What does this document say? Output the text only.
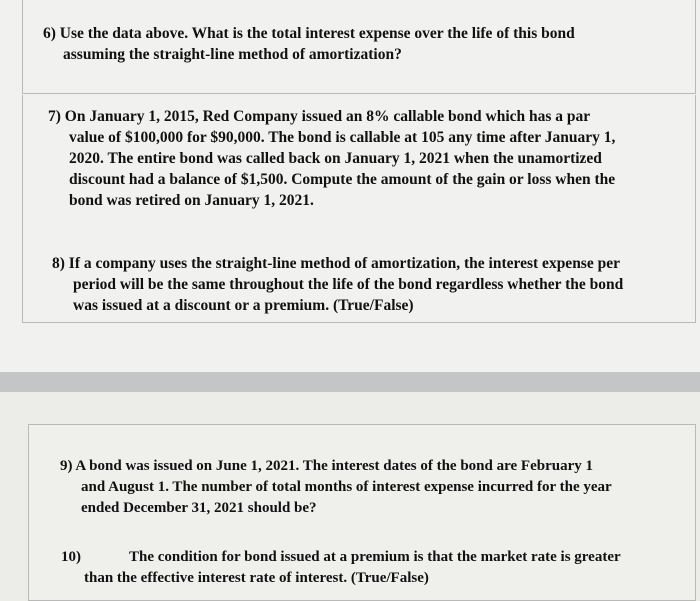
6) Use the data above. What is the total interest expense over the life of this bond
assuming the straight-line method of amortization?
7) On January 1, 2015, Red Company issued an 8% callable bond which has a par
value of $100,000 for $90,000. The bond is callable at 105 any time after January 1,
2020. The entire bond was called back on January 1, 2021 when the unamortized
discount had a balance of $1,500. Compute the amount of the gain or loss when the
bond was retired on January 1, 2021.
8) If a company uses the straight-line method of amortization, the interest expense per
period will be the same throughout the life of the bond regardless whether the bond
was issued at a discount or a premium. (True/False)
9) A bond was issued on June 1, 2021. The interest dates of the bond are February 1
and August 1. The number of total months of interest expense incurred for the year
ended December 31, 2021 should be?
10)	The condition for bond issued at a premium is that the market rate is greater
than the effective interest rate of interest. (True/False)
